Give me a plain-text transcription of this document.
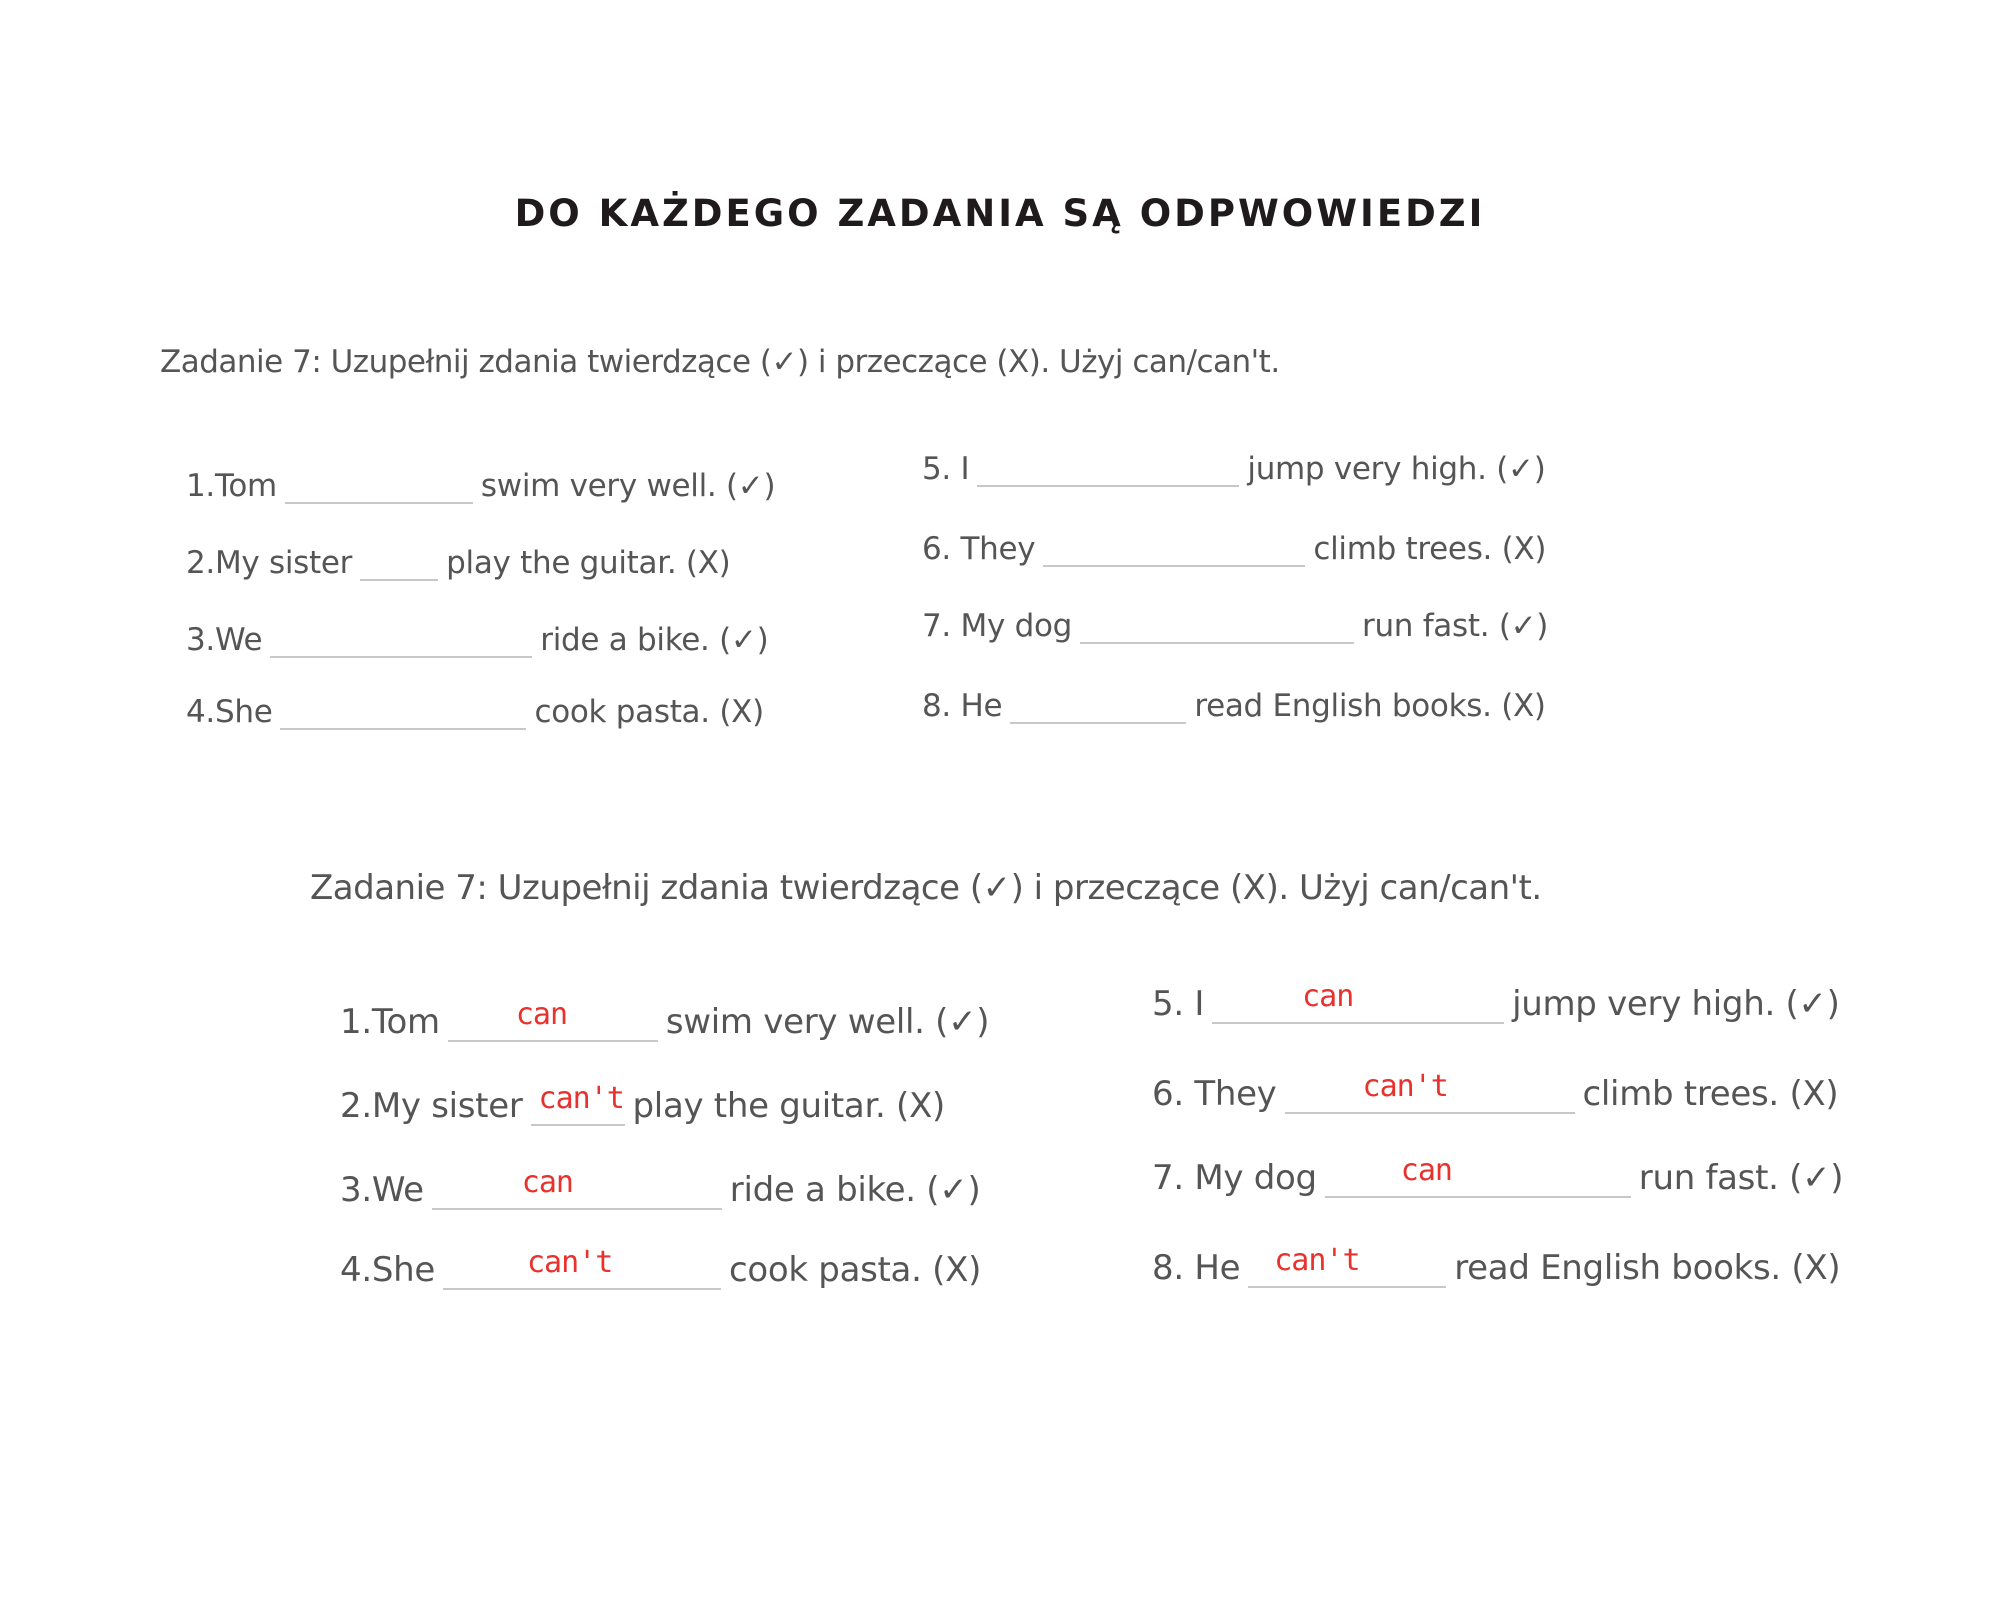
DO KAŻDEGO ZADANIA SĄ ODPWOWIEDZI
Zadanie 7: Uzupełnij zdania twierdzące (✓) i przeczące (X). Użyj can/can't.
1.Tom	swim very well. (✓)
2.My sister	play the guitar. (X)
3.We	ride a bike. (✓)
4.She	cook pasta. (X)
5. I	jump very high. (✓)
6. They	climb trees. (X)
7. My dog	run fast. (✓)
8. He	read English books. (X)
Zadanie 7: Uzupełnij zdania twierdzące (✓) i przeczące (X). Użyj can/can't.
1.Tom	can	swim very well. (✓)
2.My sister can't play the guitar. (X)
3.We	can	ride a bike. (✓)
4.She	can't	cook pasta. (X)
5. I	can	jump very high. (✓)
6. They	can't	climb trees. (X)
7. My dog	can	run fast. (✓)
8. He can't	read English books. (X)
